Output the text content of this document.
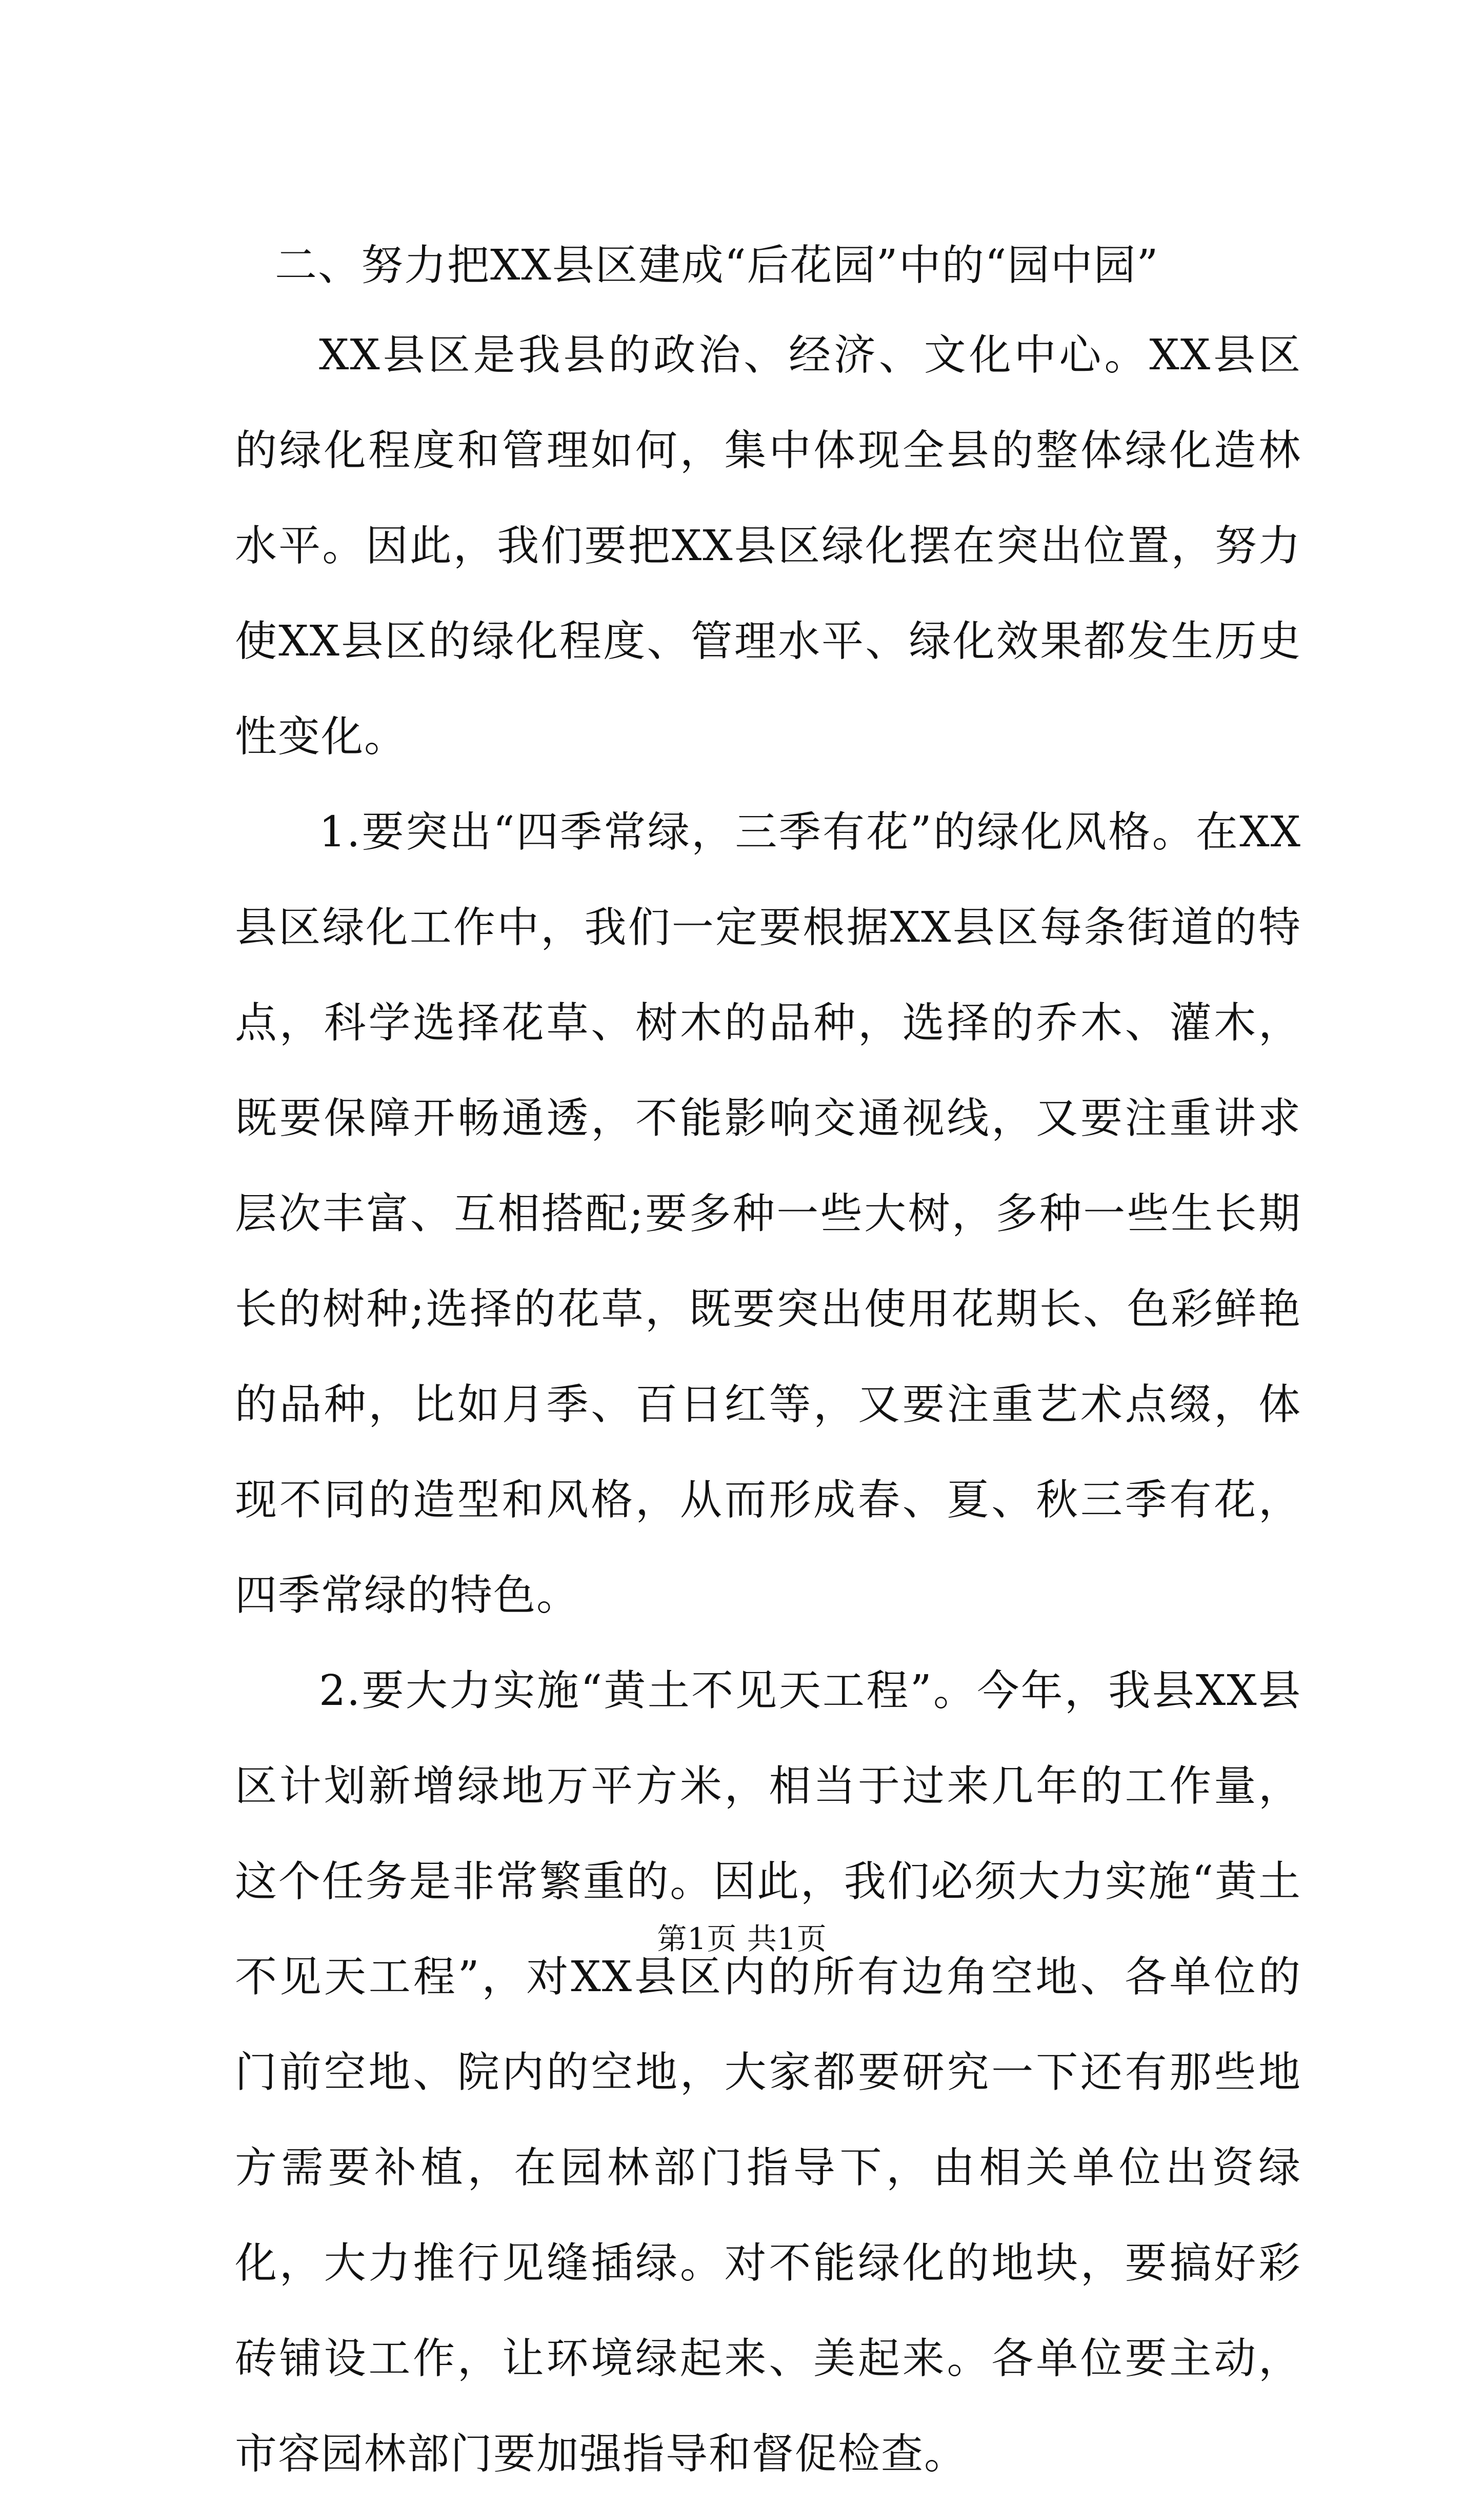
二、努力把XX县区建成“后花园”中的“园中园”

XX县区是我县的政治、经济、文化中心。XX县区的绿化程度和管理如何，集中体现全县的整体绿化造林水平。因此，我们要把XX县区绿化摆在突出位置，努力使XX县区的绿化程度、管理水平、绿化效果都发生历史性变化。

1.要突出“四季常绿，三季有花”的绿化风格。在XX县区绿化工作中，我们一定要根据XX县区每条街道的特点，科学选择花草、树木的品种，选择的乔木、灌木，既要保障开畅通透，不能影响交通视线，又要注重讲求层次丰富、互相搭配;要多种一些大树，多种一些生长期长的树种;选择的花草，既要突出使用花期长、色彩鲜艳的品种，比如月季、百日红等，又要注重艺术点缀，体现不同的造型和风格，从而形成春、夏、秋三季有花，四季常绿的特色。

2.要大力实施“黄土不见天工程”。今年，我县XX县区计划新增绿地万平方米，相当于过来几年的工作量，这个任务是非常繁重的。因此，我们必须大力实施“黄土不见天工程”，对XX县区内的所有边角空地、各单位的门前空地、院内的空地，大家都要研究一下还有那些地方需要补植，在园林部门指导下，由相关单位出资绿化，大力推行见缝插绿。对不能绿化的地块，要搞好彩砖铺设工作，让环境绿起来、美起来。各单位要主动，市容园林部门要加强指导和督促检查。

第1页 共1页
